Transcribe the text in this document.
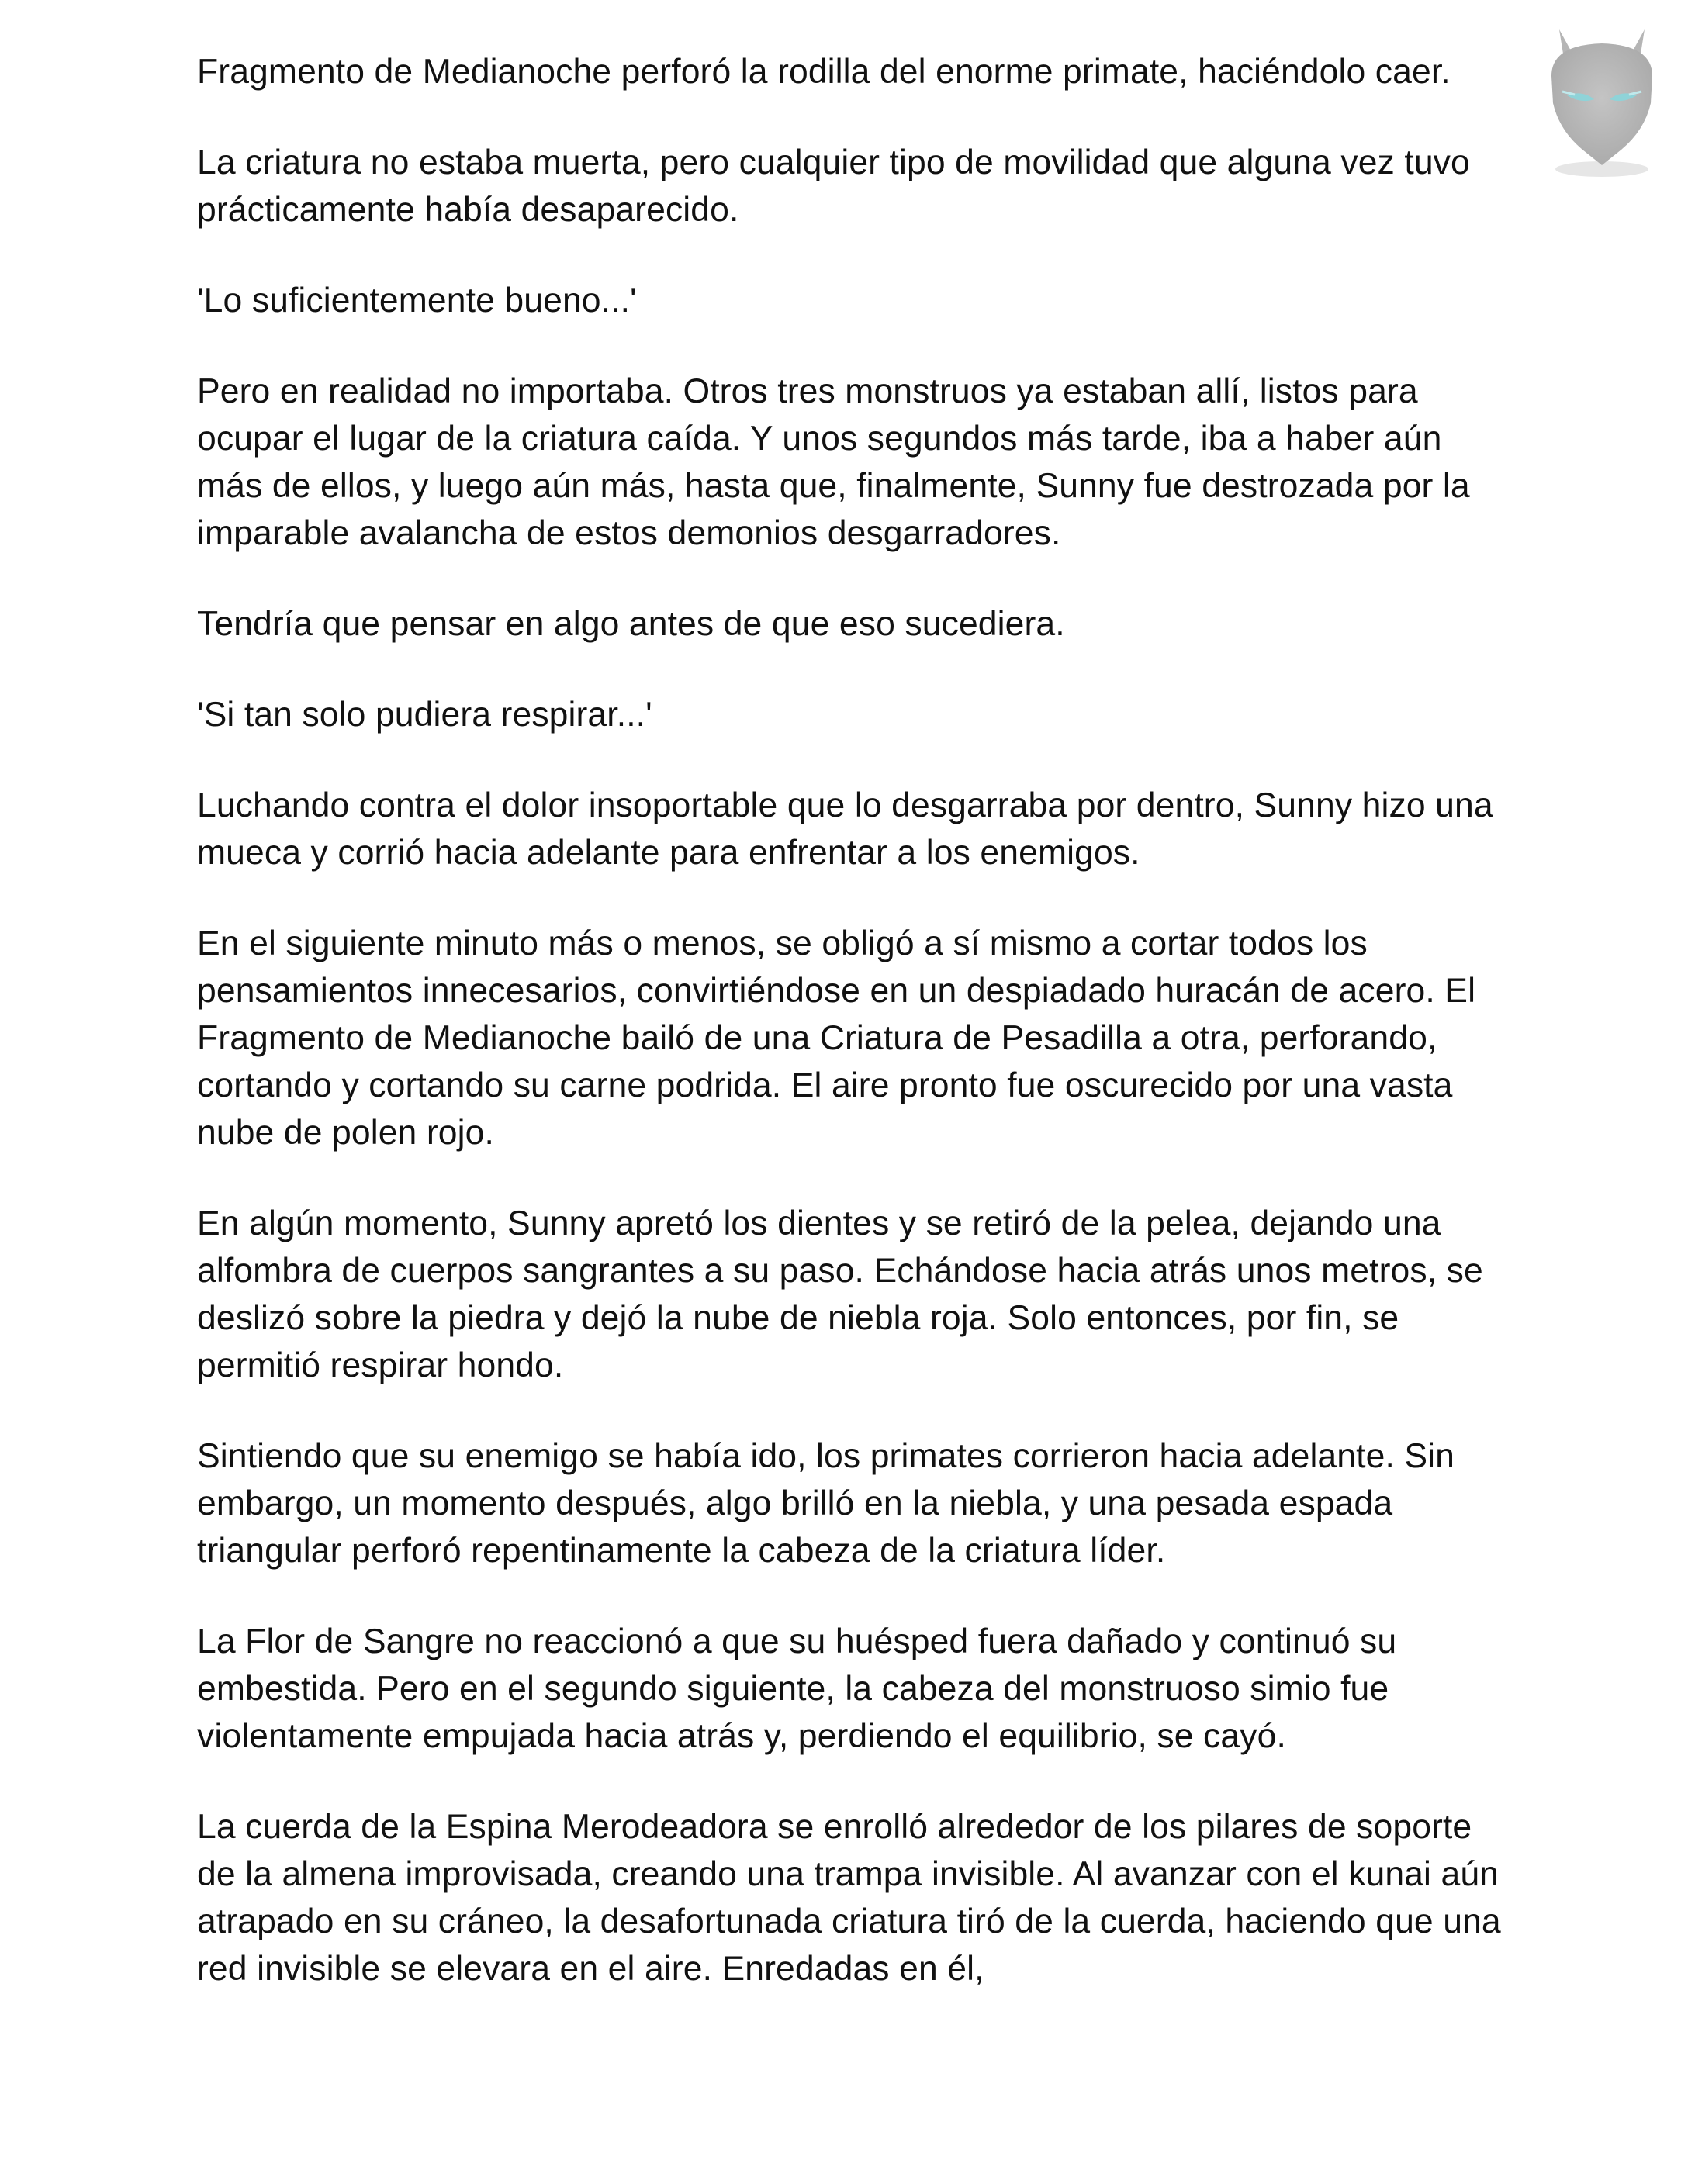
Fragmento de Medianoche perforó la rodilla del enorme primate, haciéndolo caer.

La criatura no estaba muerta, pero cualquier tipo de movilidad que alguna vez tuvo prácticamente había desaparecido.

'Lo suficientemente bueno...'

Pero en realidad no importaba. Otros tres monstruos ya estaban allí, listos para ocupar el lugar de la criatura caída. Y unos segundos más tarde, iba a haber aún más de ellos, y luego aún más, hasta que, finalmente, Sunny fue destrozada por la imparable avalancha de estos demonios desgarradores.

Tendría que pensar en algo antes de que eso sucediera.

'Si tan solo pudiera respirar...'

Luchando contra el dolor insoportable que lo desgarraba por dentro, Sunny hizo una mueca y corrió hacia adelante para enfrentar a los enemigos.

En el siguiente minuto más o menos, se obligó a sí mismo a cortar todos los pensamientos innecesarios, convirtiéndose en un despiadado huracán de acero. El Fragmento de Medianoche bailó de una Criatura de Pesadilla a otra, perforando, cortando y cortando su carne podrida. El aire pronto fue oscurecido por una vasta nube de polen rojo.

En algún momento, Sunny apretó los dientes y se retiró de la pelea, dejando una alfombra de cuerpos sangrantes a su paso. Echándose hacia atrás unos metros, se deslizó sobre la piedra y dejó la nube de niebla roja. Solo entonces, por fin, se permitió respirar hondo.

Sintiendo que su enemigo se había ido, los primates corrieron hacia adelante. Sin embargo, un momento después, algo brilló en la niebla, y una pesada espada triangular perforó repentinamente la cabeza de la criatura líder.

La Flor de Sangre no reaccionó a que su huésped fuera dañado y continuó su embestida. Pero en el segundo siguiente, la cabeza del monstruoso simio fue violentamente empujada hacia atrás y, perdiendo el equilibrio, se cayó.

La cuerda de la Espina Merodeadora se enrolló alrededor de los pilares de soporte de la almena improvisada, creando una trampa invisible. Al avanzar con el kunai aún atrapado en su cráneo, la desafortunada criatura tiró de la cuerda, haciendo que una red invisible se elevara en el aire. Enredadas en él,
